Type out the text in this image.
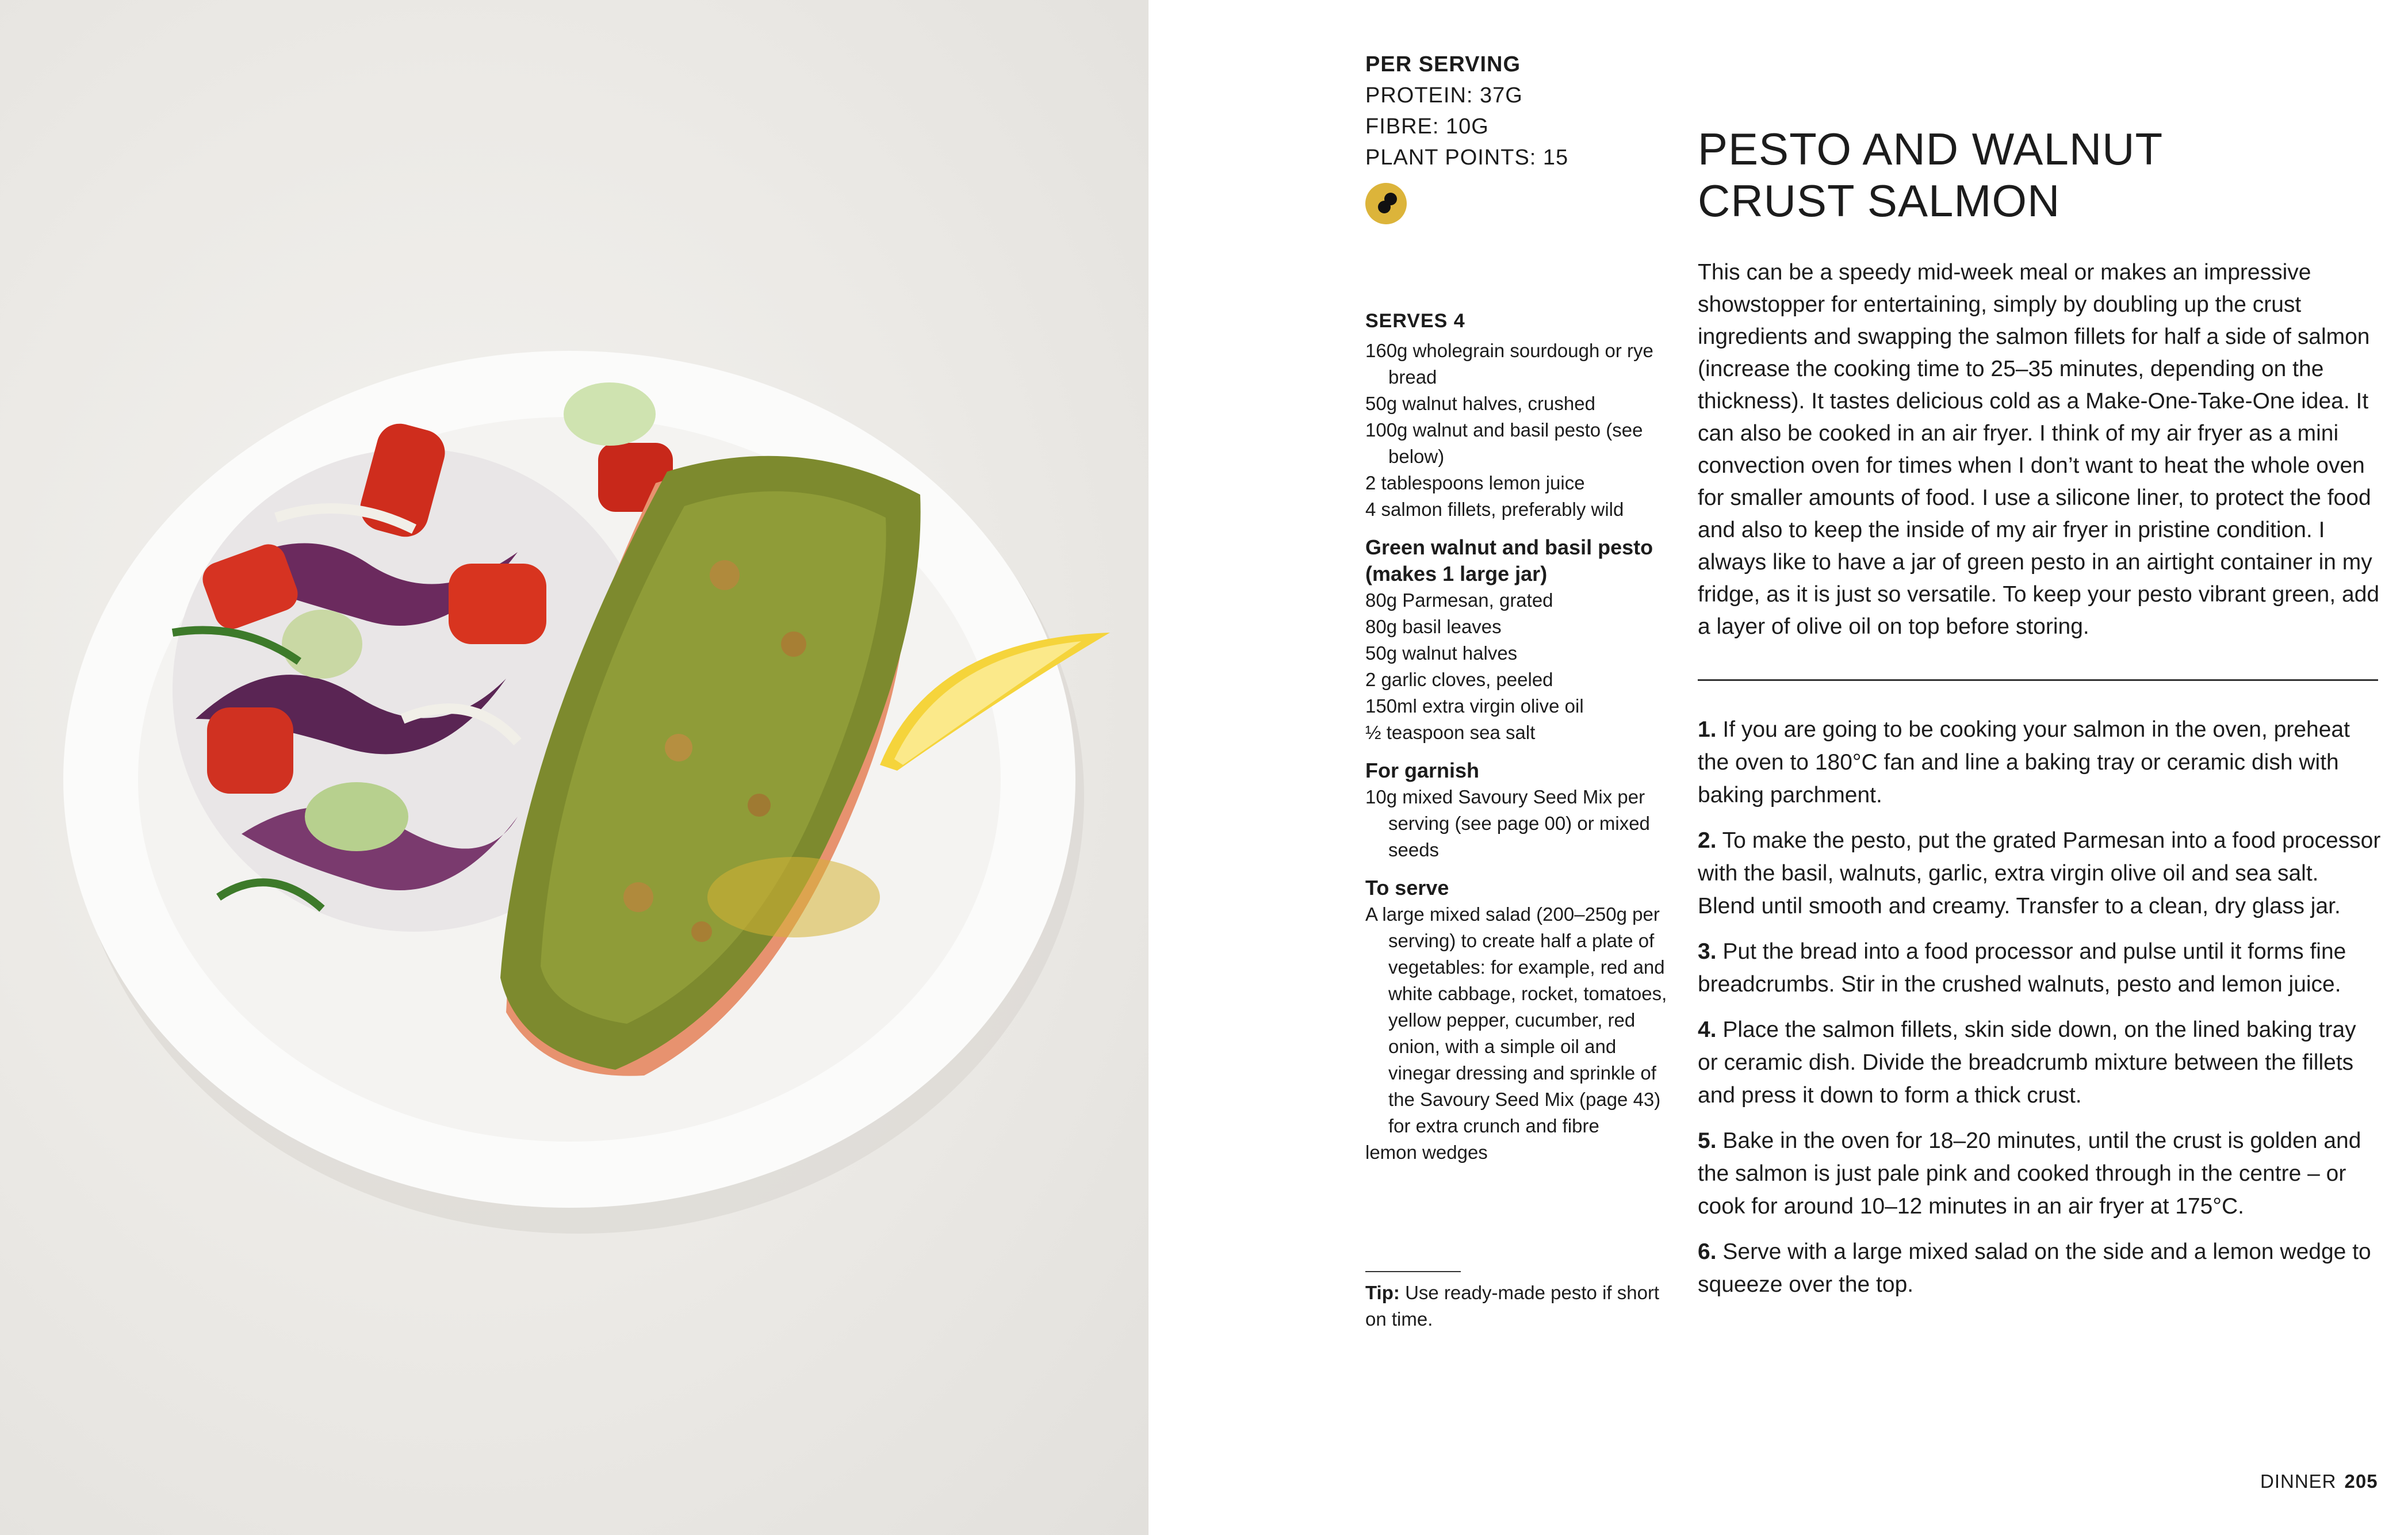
PER SERVING
PROTEIN: 37G
FIBRE: 10G
PLANT POINTS: 15	PESTO AND WALNUT
CRUST SALMON
This can be a speedy mid-week meal or makes an impressive showstopper for entertaining, simply by doubling up the crust ingredients and swapping the salmon fillets for half a side of salmon (increase the cooking time to 25–35 minutes, depending on the thickness). It tastes delicious cold as a Make-One-Take-One idea. It can also be cooked in an air fryer. I think of my air fryer as a mini convection oven for times when I don’t want to heat the whole oven for smaller amounts of food. I use a silicone liner, to protect the food and also to keep the inside of my air fryer in pristine condition. I always like to have a jar of green pesto in an airtight container in my fridge, as it is just so versatile. To keep your pesto vibrant green, add a layer of olive oil on top before storing.
1. If you are going to be cooking your salmon in the oven, preheat the oven to 180°C fan and line a baking tray or ceramic dish with baking parchment.
2. To make the pesto, put the grated Parmesan into a food processor with the basil, walnuts, garlic, extra virgin olive oil and sea salt. Blend until smooth and creamy. Transfer to a clean, dry glass jar.
3. Put the bread into a food processor and pulse until it forms fine breadcrumbs. Stir in the crushed walnuts, pesto and lemon juice.
4. Place the salmon fillets, skin side down, on the lined baking tray or ceramic dish. Divide the breadcrumb mixture between the fillets and press it down to form a thick crust.
5. Bake in the oven for 18–20 minutes, until the crust is golden and the salmon is just pale pink and cooked through in the centre – or cook for around 10–12 minutes in an air fryer at 175°C.
6. Serve with a large mixed salad on the side and a lemon wedge to squeeze over the top.
SERVES 4
160g wholegrain sourdough or rye bread
50g walnut halves, crushed
100g walnut and basil pesto (see below)
2 tablespoons lemon juice
4 salmon fillets, preferably wild
Green walnut and basil pesto (makes 1 large jar)
80g Parmesan, grated
80g basil leaves
50g walnut halves
2 garlic cloves, peeled
150ml extra virgin olive oil
½ teaspoon sea salt
For garnish
10g mixed Savoury Seed Mix per serving (see page 00) or mixed seeds
To serve
A large mixed salad (200–250g per serving) to create half a plate of vegetables: for example, red and white cabbage, rocket, tomatoes, yellow pepper, cucumber, red onion, with a simple oil and vinegar dressing and sprinkle of the Savoury Seed Mix (page 43) for extra crunch and fibre
lemon wedges
Tip: Use ready-made pesto if short on time.
DINNER 205
